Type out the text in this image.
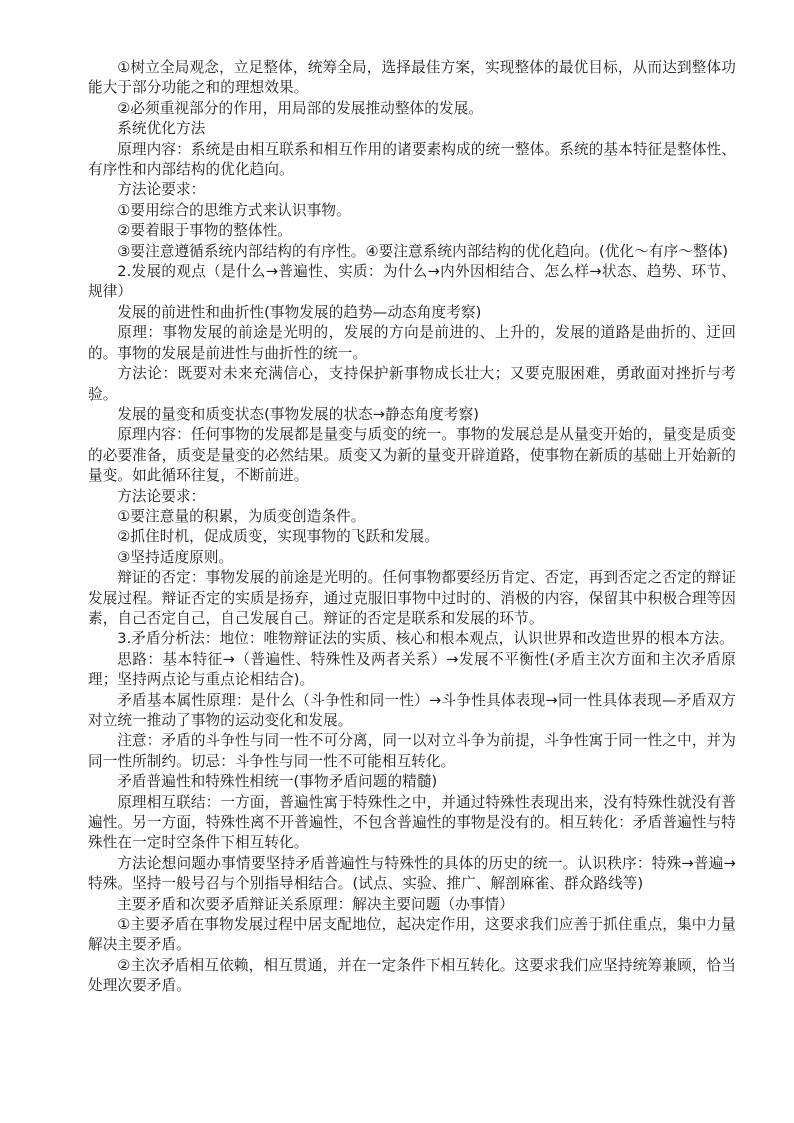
①树立全局观念，立足整体，统筹全局，选择最佳方案，实现整体的最优目标，从而达到整体功能大于部分功能之和的理想效果。

②必须重视部分的作用，用局部的发展推动整体的发展。

系统优化方法

原理内容：系统是由相互联系和相互作用的诸要素构成的统一整体。系统的基本特征是整体性、有序性和内部结构的优化趋向。

方法论要求：

①要用综合的思维方式来认识事物。

②要着眼于事物的整体性。

③要注意遵循系统内部结构的有序性。④要注意系统内部结构的优化趋向。(优化～有序～整体)

2.发展的观点（是什么→普遍性、实质：为什么→内外因相结合、怎么样→状态、趋势、环节、规律）

发展的前进性和曲折性(事物发展的趋势—动态角度考察)

原理：事物发展的前途是光明的，发展的方向是前进的、上升的，发展的道路是曲折的、迂回的。事物的发展是前进性与曲折性的统一。

方法论：既要对未来充满信心，支持保护新事物成长壮大；又要克服困难，勇敢面对挫折与考验。

发展的量变和质变状态(事物发展的状态→静态角度考察)

原理内容：任何事物的发展都是量变与质变的统一。事物的发展总是从量变开始的，量变是质变的必要准备，质变是量变的必然结果。质变又为新的量变开辟道路，使事物在新质的基础上开始新的量变。如此循环往复，不断前进。

方法论要求：

①要注意量的积累，为质变创造条件。

②抓住时机，促成质变，实现事物的飞跃和发展。

③坚持适度原则。

辩证的否定：事物发展的前途是光明的。任何事物都要经历肯定、否定，再到否定之否定的辩证发展过程。辩证否定的实质是扬弃，通过克服旧事物中过时的、消极的内容，保留其中积极合理等因素，自己否定自己，自己发展自己。辩证的否定是联系和发展的环节。

3.矛盾分析法：地位：唯物辩证法的实质、核心和根本观点，认识世界和改造世界的根本方法。

思路：基本特征→（普遍性、特殊性及两者关系）→发展不平衡性(矛盾主次方面和主次矛盾原理；坚持两点论与重点论相结合)。

矛盾基本属性原理：是什么（斗争性和同一性）→斗争性具体表现→同一性具体表现—矛盾双方对立统一推动了事物的运动变化和发展。

注意：矛盾的斗争性与同一性不可分离，同一以对立斗争为前提，斗争性寓于同一性之中，并为同一性所制约。切忌：斗争性与同一性不可能相互转化。

矛盾普遍性和特殊性相统一(事物矛盾问题的精髓)

原理相互联结：一方面，普遍性寓于特殊性之中，并通过特殊性表现出来，没有特殊性就没有普遍性。另一方面，特殊性离不开普遍性，不包含普遍性的事物是没有的。相互转化：矛盾普遍性与特殊性在一定时空条件下相互转化。

方法论想问题办事情要坚持矛盾普遍性与特殊性的具体的历史的统一。认识秩序：特殊→普遍→特殊。坚持一般号召与个别指导相结合。(试点、实验、推广、解剖麻雀、群众路线等)

主要矛盾和次要矛盾辩证关系原理：解决主要问题（办事情）

①主要矛盾在事物发展过程中居支配地位，起决定作用，这要求我们应善于抓住重点，集中力量解决主要矛盾。

②主次矛盾相互依赖，相互贯通，并在一定条件下相互转化。这要求我们应坚持统筹兼顾，恰当处理次要矛盾。
